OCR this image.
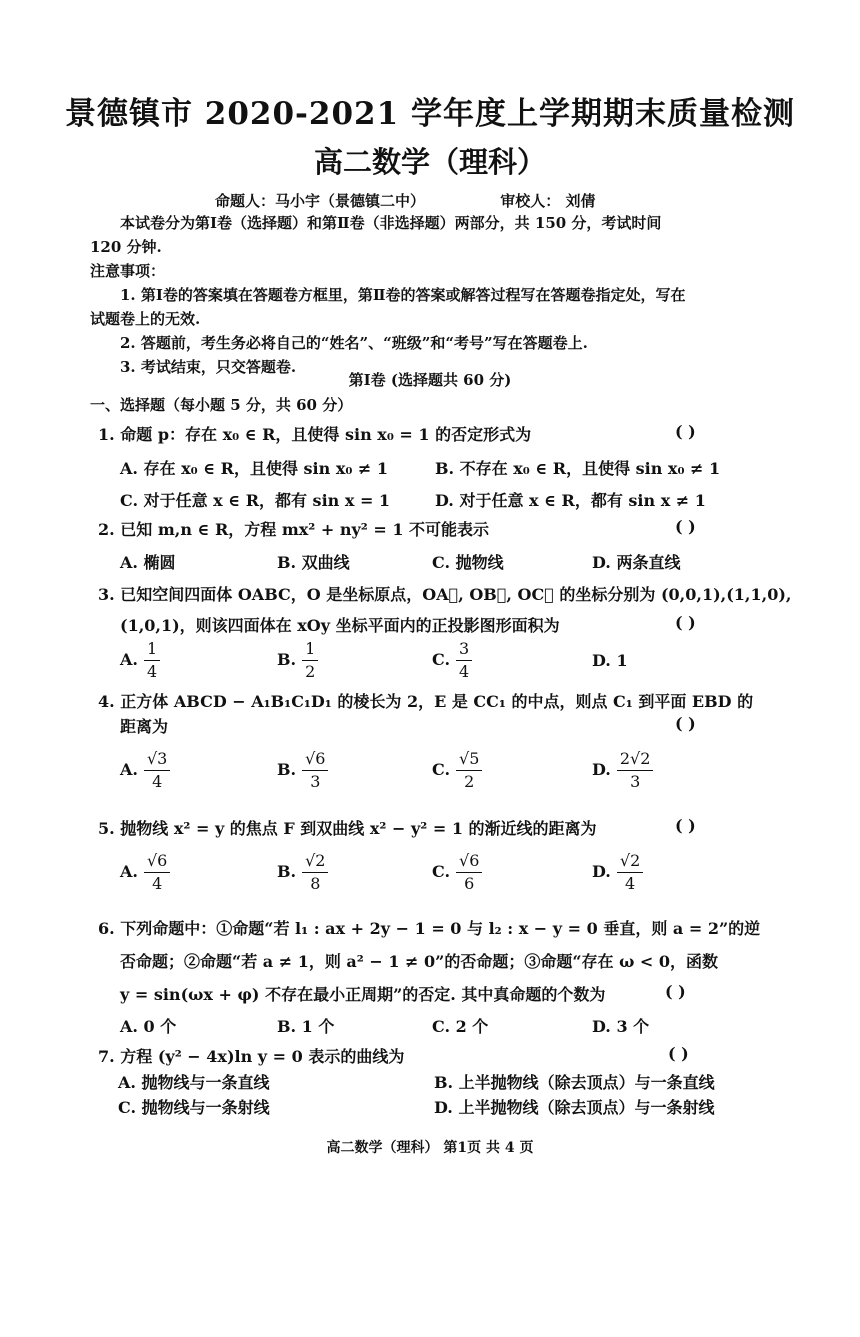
景德镇市 2020-2021 学年度上学期期末质量检测
高二数学（理科）
命题人：马小宇（景德镇二中）	审校人： 刘倩
本试卷分为第Ⅰ卷（选择题）和第Ⅱ卷（非选择题）两部分，共 150 分，考试时间
120 分钟.
注意事项：
1. 第Ⅰ卷的答案填在答题卷方框里，第Ⅱ卷的答案或解答过程写在答题卷指定处，写在
试题卷上的无效.
2. 答题前，考生务必将自己的“姓名”、“班级”和“考号”写在答题卷上.
3. 考试结束，只交答题卷.
第Ⅰ卷 (选择题共 60 分)
一、选择题（每小题 5 分，共 60 分）
1. 命题 p：存在 x₀ ∈ R，且使得 sin x₀ = 1 的否定形式为	( )
A. 存在 x₀ ∈ R，且使得 sin x₀ ≠ 1	B. 不存在 x₀ ∈ R，且使得 sin x₀ ≠ 1
C. 对于任意 x ∈ R，都有 sin x = 1	D. 对于任意 x ∈ R，都有 sin x ≠ 1
2. 已知 m,n ∈ R，方程 mx² + ny² = 1 不可能表示	( )
A. 椭圆	B. 双曲线	C. 抛物线	D. 两条直线
3. 已知空间四面体 OABC，O 是坐标原点，OA⃗, OB⃗, OC⃗ 的坐标分别为 (0,0,1),(1,1,0),
(1,0,1)，则该四面体在 xOy 坐标平面内的正投影图形面积为	( )
A. $\frac{1}{4}$	B. $\frac{1}{2}$	C. $\frac{3}{4}$	D. 1
4. 正方体 ABCD − A₁B₁C₁D₁ 的棱长为 2，E 是 CC₁ 的中点，则点 C₁ 到平面 EBD 的
距离为	( )
A. $\frac{√3}{4}$	B. $\frac{√6}{3}$	C. $\frac{√5}{2}$	D. $\frac{2√2}{3}$
5. 抛物线 x² = y 的焦点 F 到双曲线 x² − y² = 1 的渐近线的距离为	( )
A. $\frac{√6}{4}$	B. $\frac{√2}{8}$	C. $\frac{√6}{6}$	D. $\frac{√2}{4}$
6. 下列命题中：①命题“若 l₁ : ax + 2y − 1 = 0 与 l₂ : x − y = 0 垂直，则 a = 2”的逆
否命题；②命题“若 a ≠ 1，则 a² − 1 ≠ 0”的否命题；③命题“存在 ω < 0，函数
y = sin(ωx + φ) 不存在最小正周期”的否定. 其中真命题的个数为	( )
A. 0 个	B. 1 个	C. 2 个	D. 3 个
7. 方程 (y² − 4x)ln y = 0 表示的曲线为	( )
A. 抛物线与一条直线	B. 上半抛物线（除去顶点）与一条直线
C. 抛物线与一条射线	D. 上半抛物线（除去顶点）与一条射线
高二数学（理科） 第1页 共 4 页
